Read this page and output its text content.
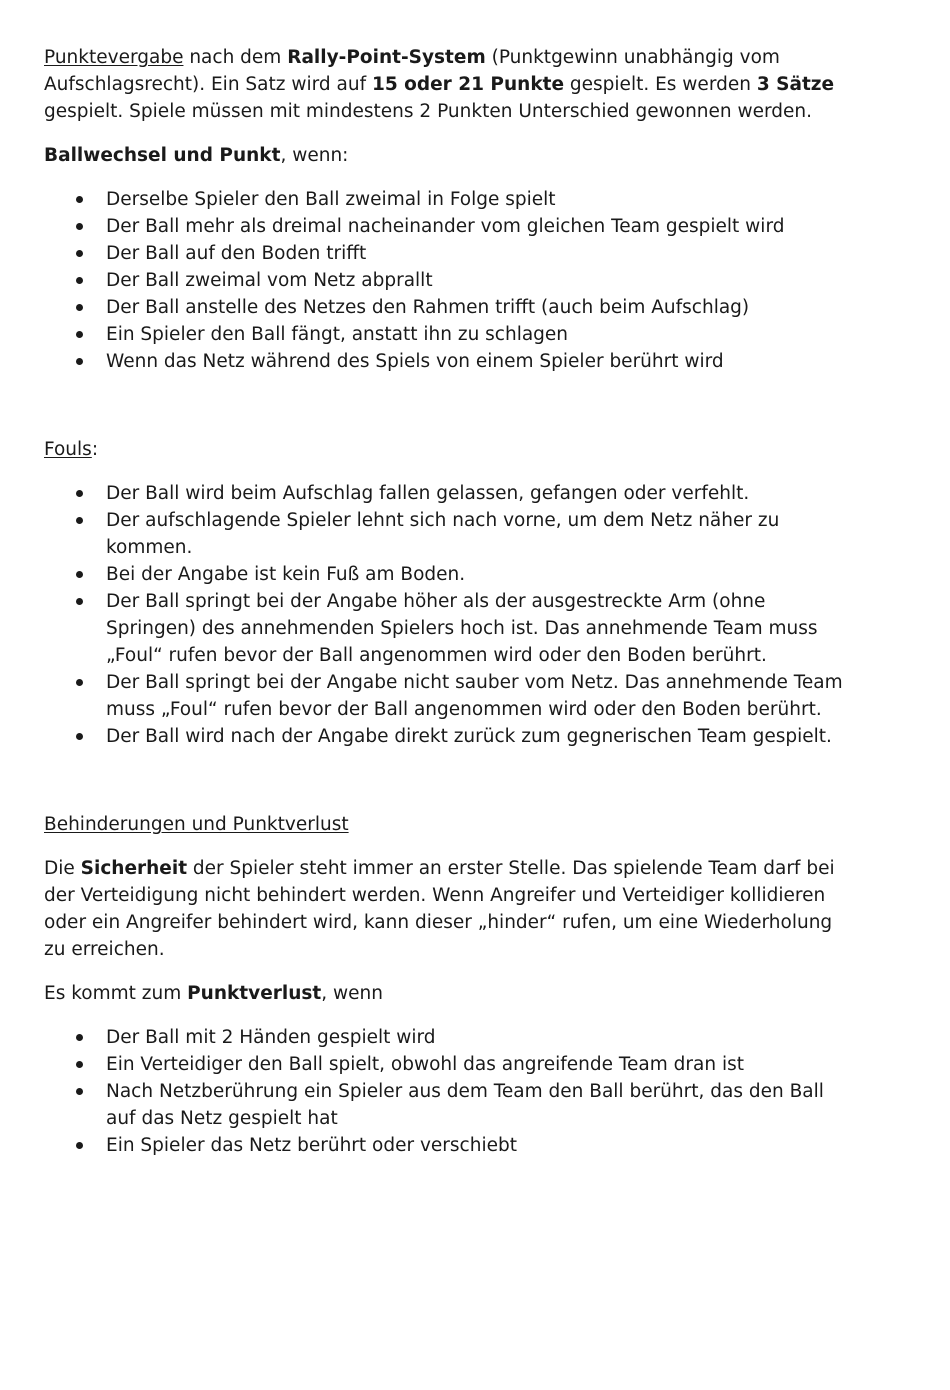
Punktevergabe nach dem Rally-Point-System (Punktgewinn unabhängig vom Aufschlagsrecht). Ein Satz wird auf 15 oder 21 Punkte gespielt. Es werden 3 Sätze gespielt. Spiele müssen mit mindestens 2 Punkten Unterschied gewonnen werden.

Ballwechsel und Punkt, wenn:

Derselbe Spieler den Ball zweimal in Folge spielt
Der Ball mehr als dreimal nacheinander vom gleichen Team gespielt wird
Der Ball auf den Boden trifft
Der Ball zweimal vom Netz abprallt
Der Ball anstelle des Netzes den Rahmen trifft (auch beim Aufschlag)
Ein Spieler den Ball fängt, anstatt ihn zu schlagen
Wenn das Netz während des Spiels von einem Spieler berührt wird

Fouls:

Der Ball wird beim Aufschlag fallen gelassen, gefangen oder verfehlt.
Der aufschlagende Spieler lehnt sich nach vorne, um dem Netz näher zu kommen.
Bei der Angabe ist kein Fuß am Boden.
Der Ball springt bei der Angabe höher als der ausgestreckte Arm (ohne Springen) des annehmenden Spielers hoch ist. Das annehmende Team muss „Foul“ rufen bevor der Ball angenommen wird oder den Boden berührt.
Der Ball springt bei der Angabe nicht sauber vom Netz. Das annehmende Team muss „Foul“ rufen bevor der Ball angenommen wird oder den Boden berührt.
Der Ball wird nach der Angabe direkt zurück zum gegnerischen Team gespielt.

Behinderungen und Punktverlust

Die Sicherheit der Spieler steht immer an erster Stelle. Das spielende Team darf bei der Verteidigung nicht behindert werden. Wenn Angreifer und Verteidiger kollidieren oder ein Angreifer behindert wird, kann dieser „hinder“ rufen, um eine Wiederholung zu erreichen.

Es kommt zum Punktverlust, wenn

Der Ball mit 2 Händen gespielt wird
Ein Verteidiger den Ball spielt, obwohl das angreifende Team dran ist
Nach Netzberührung ein Spieler aus dem Team den Ball berührt, das den Ball auf das Netz gespielt hat
Ein Spieler das Netz berührt oder verschiebt
